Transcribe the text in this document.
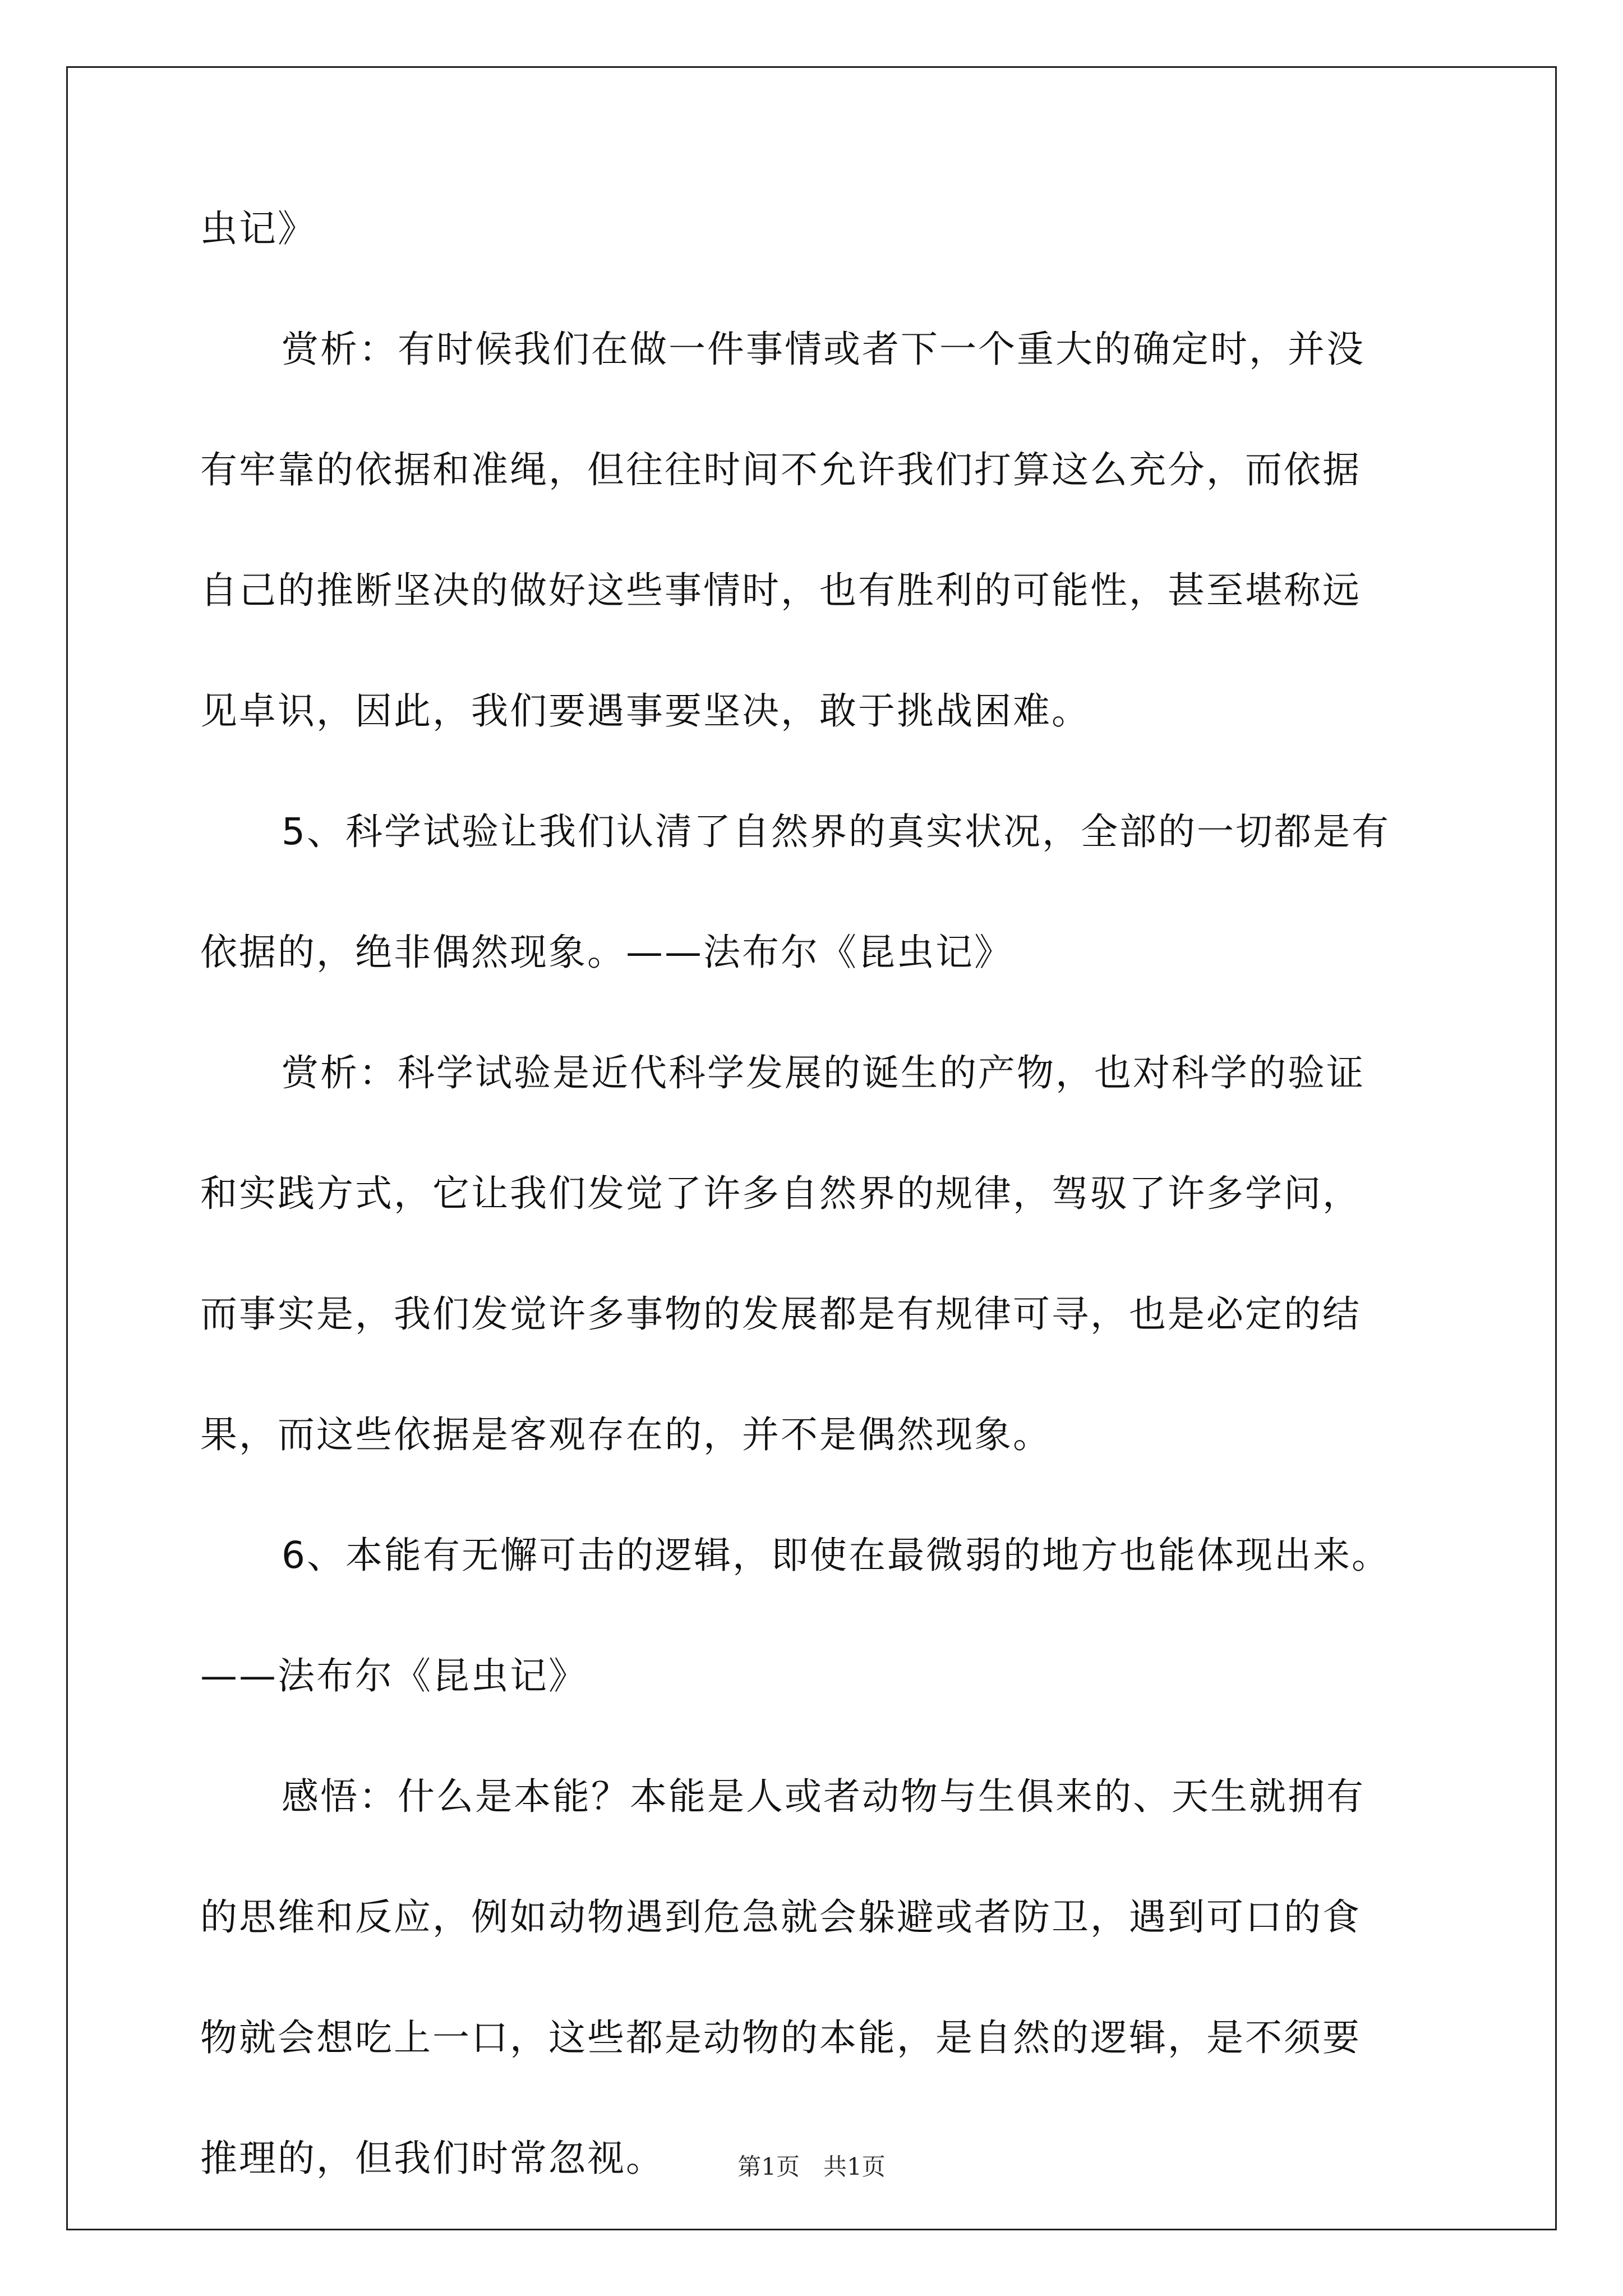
虫记》
赏析：有时候我们在做一件事情或者下一个重大的确定时，并没
有牢靠的依据和准绳，但往往时间不允许我们打算这么充分，而依据
自己的推断坚决的做好这些事情时，也有胜利的可能性，甚至堪称远
见卓识，因此，我们要遇事要坚决，敢于挑战困难。
5、科学试验让我们认清了自然界的真实状况，全部的一切都是有
依据的，绝非偶然现象。——法布尔《昆虫记》
赏析：科学试验是近代科学发展的诞生的产物，也对科学的验证
和实践方式，它让我们发觉了许多自然界的规律，驾驭了许多学问，
而事实是，我们发觉许多事物的发展都是有规律可寻，也是必定的结
果，而这些依据是客观存在的，并不是偶然现象。
6、本能有无懈可击的逻辑，即使在最微弱的地方也能体现出来。
——法布尔《昆虫记》
感悟：什么是本能？本能是人或者动物与生俱来的、天生就拥有
的思维和反应，例如动物遇到危急就会躲避或者防卫，遇到可口的食
物就会想吃上一口，这些都是动物的本能，是自然的逻辑，是不须要
推理的，但我们时常忽视。	第1页　共1页
